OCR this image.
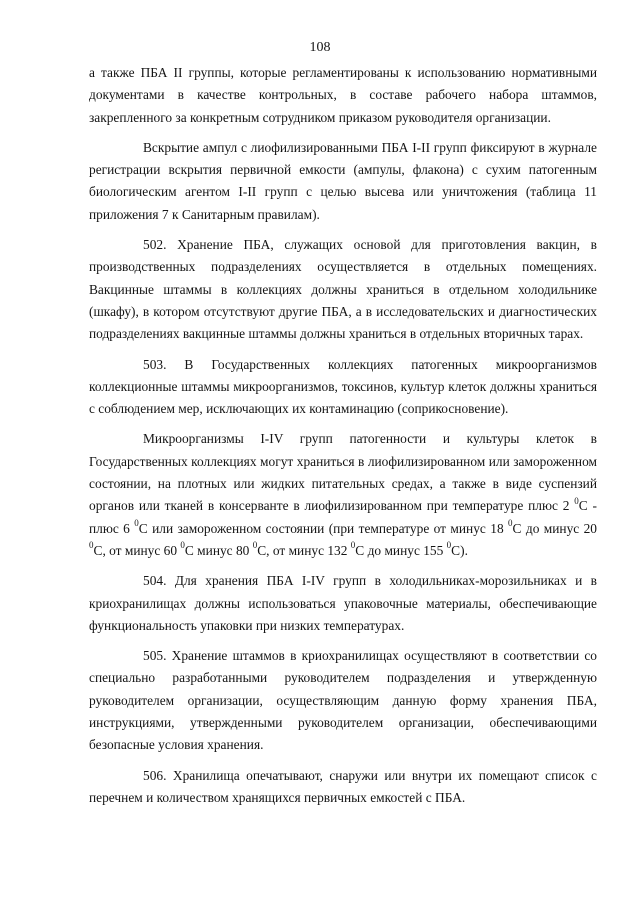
108

а также ПБА II группы, которые регламентированы к использованию нормативными документами в качестве контрольных, в составе рабочего набора штаммов, закрепленного за конкретным сотрудником приказом руководителя организации.

Вскрытие ампул с лиофилизированными ПБА I-II групп фиксируют в журнале регистрации вскрытия первичной емкости (ампулы, флакона) с сухим патогенным биологическим агентом I-II групп с целью высева или уничтожения (таблица 11 приложения 7 к Санитарным правилам).

502. Хранение ПБА, служащих основой для приготовления вакцин, в производственных подразделениях осуществляется в отдельных помещениях. Вакцинные штаммы в коллекциях должны храниться в отдельном холодильнике (шкафу), в котором отсутствуют другие ПБА, а в исследовательских и диагностических подразделениях вакцинные штаммы должны храниться в отдельных вторичных тарах.

503. В Государственных коллекциях патогенных микроорганизмов коллекционные штаммы микроорганизмов, токсинов, культур клеток должны храниться с соблюдением мер, исключающих их контаминацию (соприкосновение).

Микроорганизмы I-IV групп патогенности и культуры клеток в Государственных коллекциях могут храниться в лиофилизированном или замороженном состоянии, на плотных или жидких питательных средах, а также в виде суспензий органов или тканей в консерванте в лиофилизированном при температуре плюс 2 $^0$C - плюс 6 $^0$C или замороженном состоянии (при температуре от минус 18 $^0$C до минус 20 $^0$C, от минус 60 $^0$C минус 80 $^0$C, от минус 132 $^0$C до минус 155 $^0$C).

504. Для хранения ПБА I-IV групп в холодильниках-морозильниках и в криохранилищах должны использоваться упаковочные материалы, обеспечивающие функциональность упаковки при низких температурах.

505. Хранение штаммов в криохранилищах осуществляют в соответствии со специально разработанными руководителем подразделения и утвержденную руководителем организации, осуществляющим данную форму хранения ПБА, инструкциями, утвержденными руководителем организации, обеспечивающими безопасные условия хранения.

506. Хранилища опечатывают, снаружи или внутри их помещают список с перечнем и количеством хранящихся первичных емкостей с ПБА.
